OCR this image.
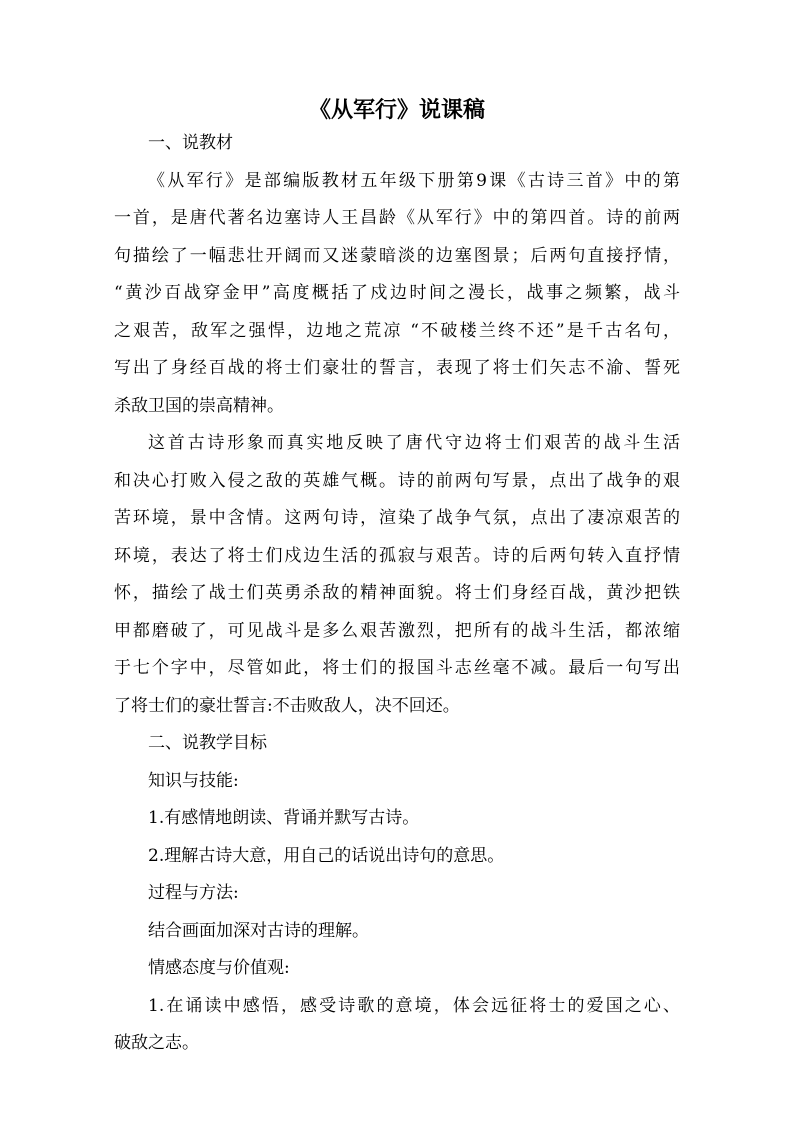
《从军行》说课稿
一、说教材
《从军行》是部编版教材五年级下册第9课《古诗三首》中的第
一首，是唐代著名边塞诗人王昌龄《从军行》中的第四首。诗的前两
句描绘了一幅悲壮开阔而又迷蒙暗淡的边塞图景；后两句直接抒情，
“黄沙百战穿金甲”高度概括了戍边时间之漫长，战事之频繁，战斗
之艰苦，敌军之强悍，边地之荒凉 “不破楼兰终不还”是千古名句，
写出了身经百战的将士们豪壮的誓言，表现了将士们矢志不渝、誓死
杀敌卫国的崇高精神。
这首古诗形象而真实地反映了唐代守边将士们艰苦的战斗生活
和决心打败入侵之敌的英雄气概。诗的前两句写景，点出了战争的艰
苦环境，景中含情。这两句诗，渲染了战争气氛，点出了凄凉艰苦的
环境，表达了将士们戍边生活的孤寂与艰苦。诗的后两句转入直抒情
怀，描绘了战士们英勇杀敌的精神面貌。将士们身经百战，黄沙把铁
甲都磨破了，可见战斗是多么艰苦激烈，把所有的战斗生活，都浓缩
于七个字中，尽管如此，将士们的报国斗志丝毫不减。最后一句写出
了将士们的豪壮誓言:不击败敌人，决不回还。
二、说教学目标
知识与技能:
1.有感情地朗读、背诵并默写古诗。
2.理解古诗大意，用自己的话说出诗句的意思。
过程与方法:
结合画面加深对古诗的理解。
情感态度与价值观:
1.在诵读中感悟，感受诗歌的意境，体会远征将士的爱国之心、
破敌之志。
